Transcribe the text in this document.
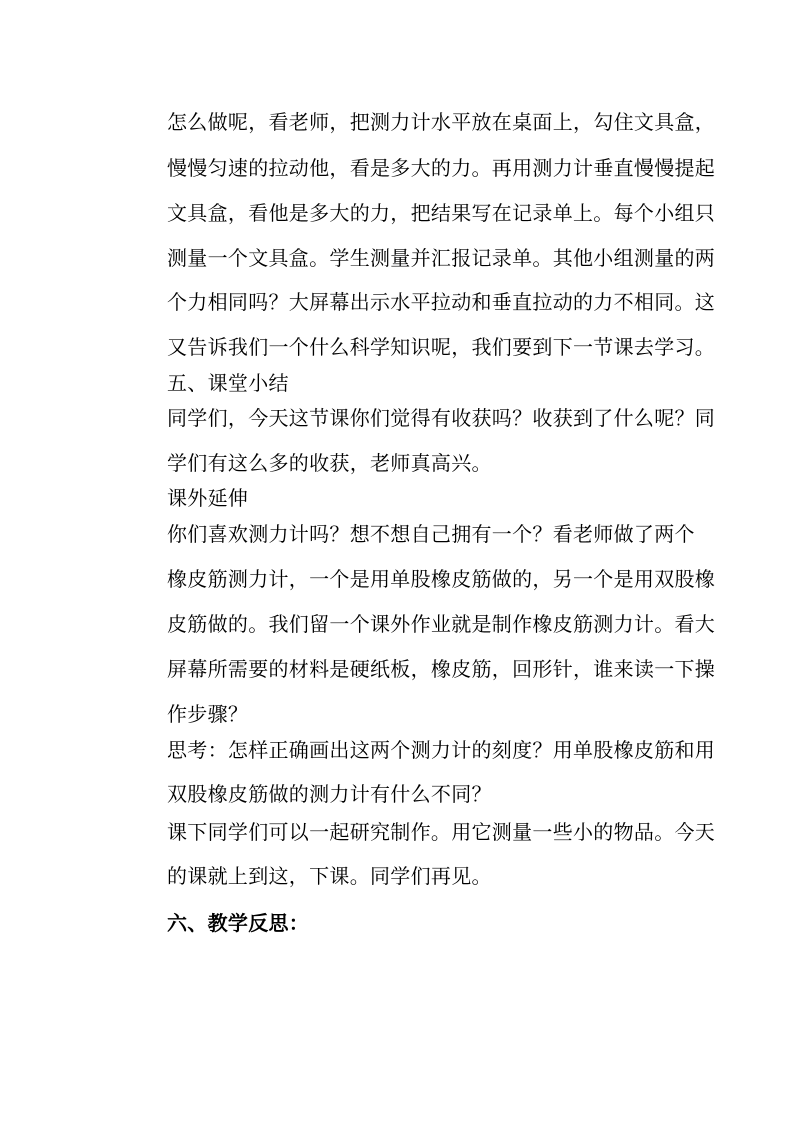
怎么做呢，看老师，把测力计水平放在桌面上，勾住文具盒，
慢慢匀速的拉动他，看是多大的力。再用测力计垂直慢慢提起
文具盒，看他是多大的力，把结果写在记录单上。每个小组只
测量一个文具盒。学生测量并汇报记录单。其他小组测量的两
个力相同吗？大屏幕出示水平拉动和垂直拉动的力不相同。这
又告诉我们一个什么科学知识呢，我们要到下一节课去学习。
五、课堂小结
同学们，今天这节课你们觉得有收获吗？收获到了什么呢？同
学们有这么多的收获，老师真高兴。
课外延伸
你们喜欢测力计吗？想不想自己拥有一个？看老师做了两个
橡皮筋测力计，一个是用单股橡皮筋做的，另一个是用双股橡
皮筋做的。我们留一个课外作业就是制作橡皮筋测力计。看大
屏幕所需要的材料是硬纸板，橡皮筋，回形针，谁来读一下操
作步骤？
思考：怎样正确画出这两个测力计的刻度？用单股橡皮筋和用
双股橡皮筋做的测力计有什么不同？
课下同学们可以一起研究制作。用它测量一些小的物品。今天
的课就上到这，下课。同学们再见。
六、教学反思：
